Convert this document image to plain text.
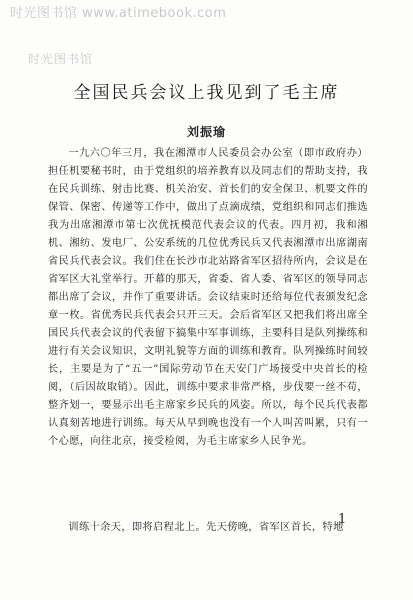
时光图书馆 www.atimebook.com
时光图书馆
全国民兵会议上我见到了毛主席
刘振瑜

一九六〇年三月，我在湘潭市人民委员会办公室（即市政府办）担任机要秘书时，由于党组织的培养教育以及同志们的帮助支持，我在民兵训练、射击比赛、机关治安、首长们的安全保卫、机要文件的保管、保密、传递等工作中，做出了点滴成绩，党组织和同志们推选我为出席湘潭市第七次优抚模范代表会议的代表。四月初，我和湘机、湘纺、发电厂、公安系统的几位优秀民兵又代表湘潭市出席湖南省民兵代表会议。我们住在长沙市北站路省军区招待所内，会议是在省军区大礼堂举行。开幕的那天，省委、省人委、省军区的领导同志都出席了会议，并作了重要讲话。会议结束时还给每位代表颁发纪念章一枚。省优秀民兵代表会只开三天。会后省军区又把我们将出席全国民兵代表会议的代表留下搞集中军事训练，主要科目是队列操练和进行有关会议知识，文明礼貌等方面的训练和教育。队列操练时间较长，主要是为了“五一”国际劳动节在天安门广场接受中央首长的检阅，（后因故取销）。因此，训练中要求非常严格，步伐要一丝不苟，整齐划一，要显示出毛主席家乡民兵的风姿。所以，每个民兵代表都认真刻苦地进行训练。每天从早到晚也没有一个人叫苦叫累，只有一个心愿，向往北京，接受检阅，为毛主席家乡人民争光。

训练十余天，即将启程北上。先天傍晚，省军区首长，特地
1
